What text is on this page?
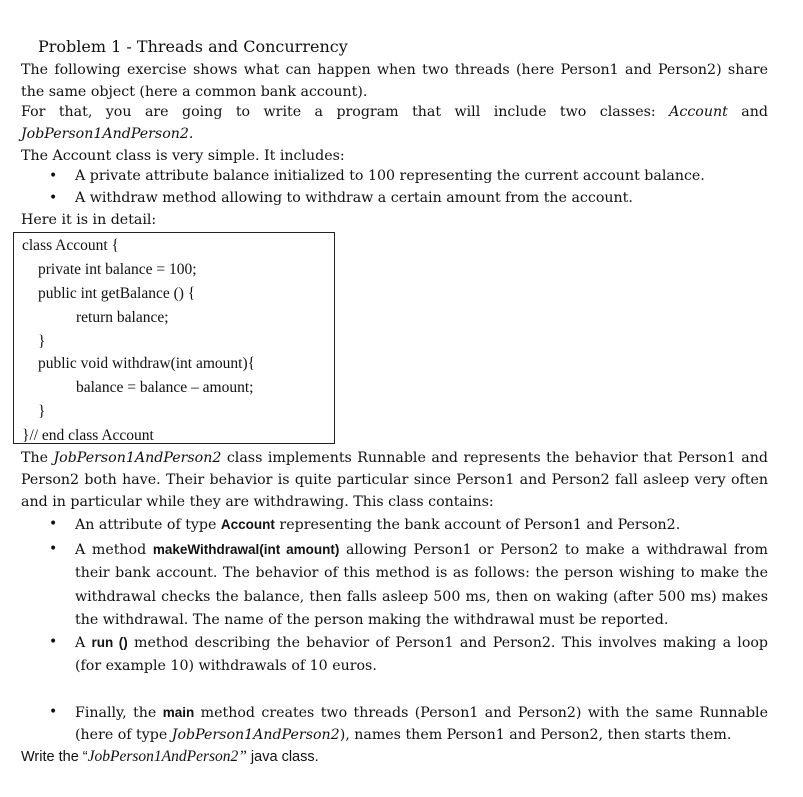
Problem 1 - Threads and Concurrency
The following exercise shows what can happen when two threads (here Person1 and Person2) share the same object (here a common bank account).
For that, you are going to write a program that will include two classes: Account and
JobPerson1AndPerson2.
The Account class is very simple. It includes:
• A private attribute balance initialized to 100 representing the current account balance.
• A withdraw method allowing to withdraw a certain amount from the account.
Here it is in detail:
class Account {
private int balance = 100;
public int getBalance () {
return balance;
}
public void withdraw(int amount){
balance = balance – amount;
}
}// end class Account
The JobPerson1AndPerson2 class implements Runnable and represents the behavior that Person1 and Person2 both have. Their behavior is quite particular since Person1 and Person2 fall asleep very often and in particular while they are withdrawing. This class contains:
• An attribute of type Account representing the bank account of Person1 and Person2.
• A method makeWithdrawal(int amount) allowing Person1 or Person2 to make a withdrawal from their bank account. The behavior of this method is as follows: the person wishing to make the withdrawal checks the balance, then falls asleep 500 ms, then on waking (after 500 ms) makes the withdrawal. The name of the person making the withdrawal must be reported.
• A run () method describing the behavior of Person1 and Person2. This involves making a loop (for example 10) withdrawals of 10 euros.
• Finally, the main method creates two threads (Person1 and Person2) with the same Runnable (here of type JobPerson1AndPerson2), names them Person1 and Person2, then starts them.
Write the “JobPerson1AndPerson2” java class.
